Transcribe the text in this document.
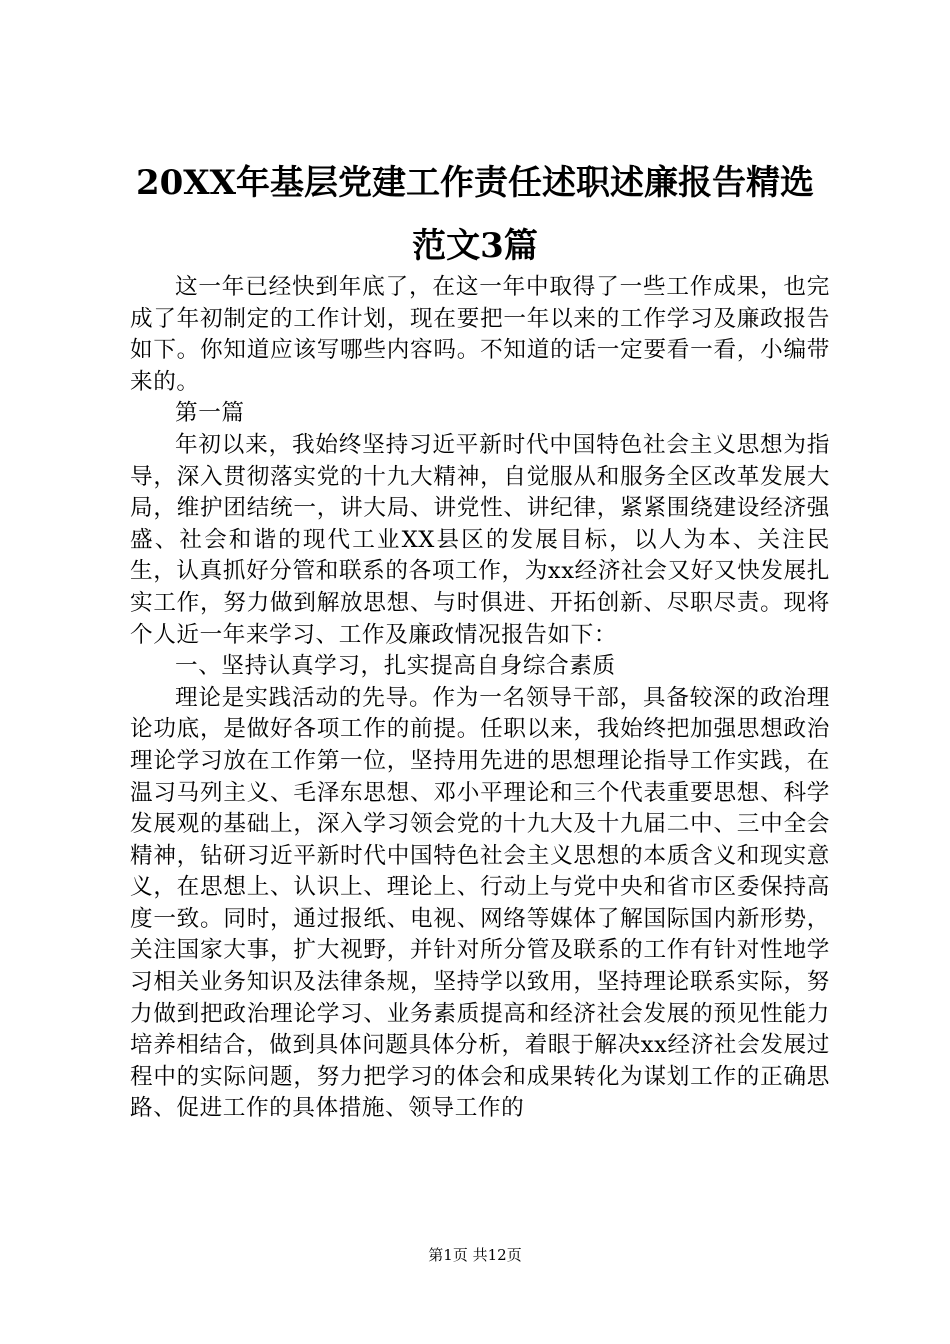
20XX年基层党建工作责任述职述廉报告精选
范文3篇

这一年已经快到年底了，在这一年中取得了一些工作成果，也完成了年初制定的工作计划，现在要把一年以来的工作学习及廉政报告如下。你知道应该写哪些内容吗。不知道的话一定要看一看，小编带来的。

第一篇

年初以来，我始终坚持习近平新时代中国特色社会主义思想为指导，深入贯彻落实党的十九大精神，自觉服从和服务全区改革发展大局，维护团结统一，讲大局、讲党性、讲纪律，紧紧围绕建设经济强盛、社会和谐的现代工业XX县区的发展目标，以人为本、关注民生，认真抓好分管和联系的各项工作，为xx经济社会又好又快发展扎实工作，努力做到解放思想、与时俱进、开拓创新、尽职尽责。现将个人近一年来学习、工作及廉政情况报告如下：

一、坚持认真学习，扎实提高自身综合素质

理论是实践活动的先导。作为一名领导干部，具备较深的政治理论功底，是做好各项工作的前提。任职以来，我始终把加强思想政治理论学习放在工作第一位，坚持用先进的思想理论指导工作实践，在温习马列主义、毛泽东思想、邓小平理论和三个代表重要思想、科学发展观的基础上，深入学习领会党的十九大及十九届二中、三中全会精神，钻研习近平新时代中国特色社会主义思想的本质含义和现实意义，在思想上、认识上、理论上、行动上与党中央和省市区委保持高度一致。同时，通过报纸、电视、网络等媒体了解国际国内新形势，关注国家大事，扩大视野，并针对所分管及联系的工作有针对性地学习相关业务知识及法律条规，坚持学以致用，坚持理论联系实际，努力做到把政治理论学习、业务素质提高和经济社会发展的预见性能力培养相结合，做到具体问题具体分析，着眼于解决xx经济社会发展过程中的实际问题，努力把学习的体会和成果转化为谋划工作的正确思路、促进工作的具体措施、领导工作的

第1页 共12页
